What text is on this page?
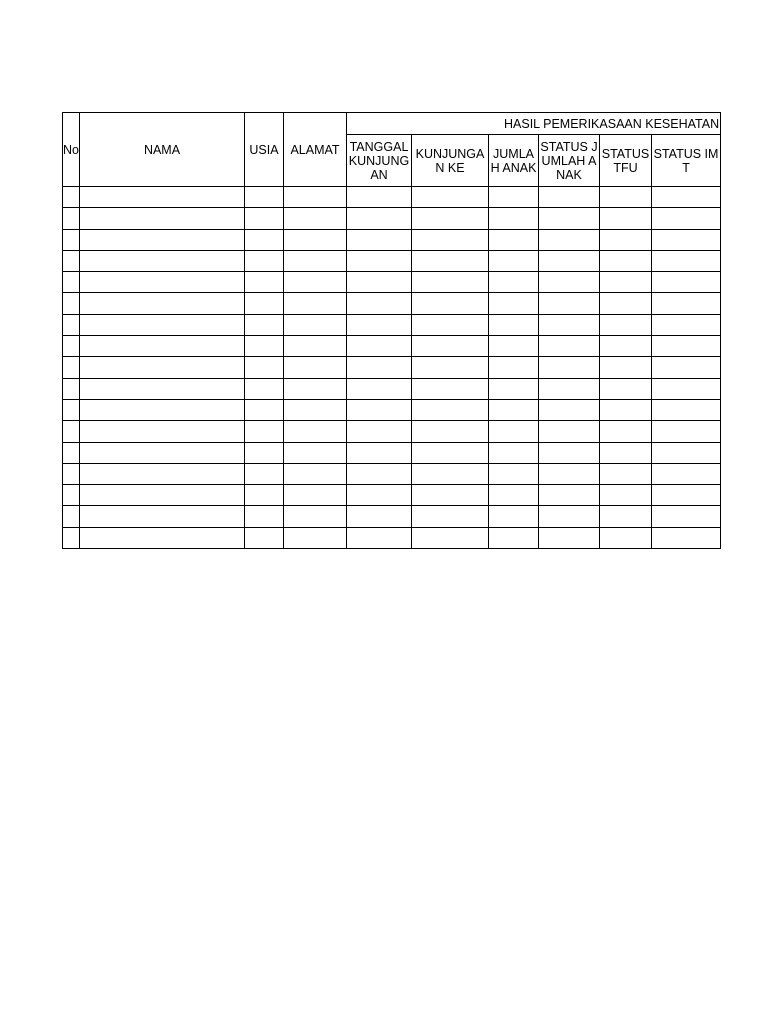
No	NAMA	USIA	ALAMAT	HASIL PEMERIKASAAN KESEHATAN					

				TANGGAL KUNJUNGAN	KUNJUNGAN KE	JUMLAH ANAK	STATUS JUMLAH ANAK	STATUS TFU	STATUS IMT
